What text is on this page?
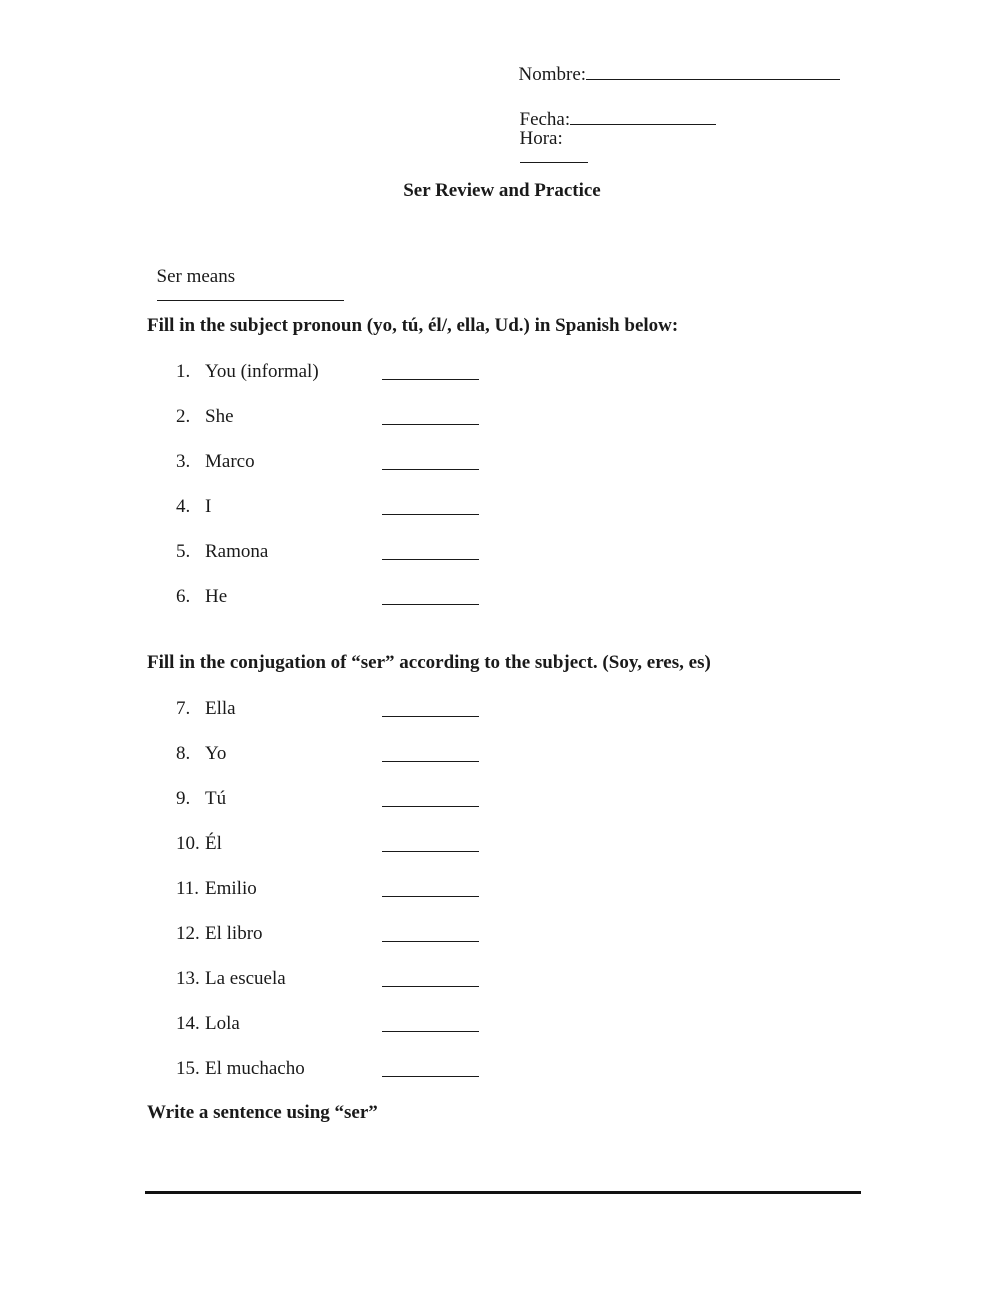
Nombre:

Fecha:
Hora:

Ser Review and Practice

Ser means

Fill in the subject pronoun (yo, tú, él/, ella, Ud.) in Spanish below:
1. You (informal)
2. She
3. Marco
4. I
5. Ramona
6. He
Fill in the conjugation of “ser” according to the subject. (Soy, eres, es)
7. Ella
8. Yo
9. Tú
10. Él
11. Emilio
12. El libro
13. La escuela
14. Lola
15. El muchacho
Write a sentence using “ser”
